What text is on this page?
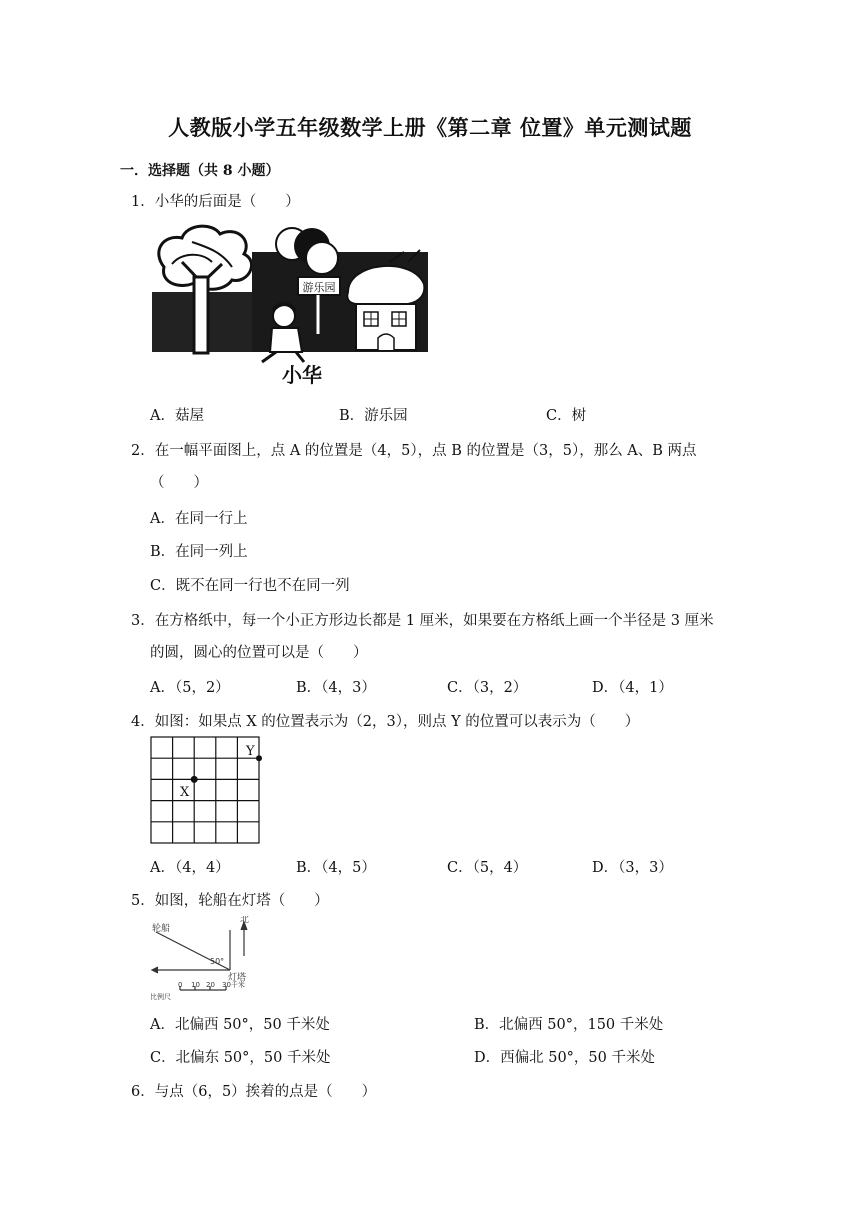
人教版小学五年级数学上册《第二章 位置》单元测试题
一．选择题（共 8 小题）
1．小华的后面是（　　）
游乐园
小华
A．菇屋	B．游乐园	C．树
2．在一幅平面图上，点 A 的位置是（4，5），点 B 的位置是（3，5），那么 A、B 两点
（　　）
A．在同一行上
B．在同一列上
C．既不在同一行也不在同一列
3．在方格纸中，每一个小正方形边长都是 1 厘米，如果要在方格纸上画一个半径是 3 厘米
的圆，圆心的位置可以是（　　）
A．（5，2）	B．（4，3）	C．（3，2）	D．（4，1）
4．如图：如果点 X 的位置表示为（2，3），则点 Y 的位置可以表示为（　　）
X
Y
A．（4，4）	B．（4，5）	C．（5，4）	D．（3，3）
5．如图，轮船在灯塔（　　）
轮船
北
50°
灯塔
比例尺
0 10 20 30千米
A．北偏西 50°，50 千米处	B．北偏西 50°，150 千米处
C．北偏东 50°，50 千米处	D．西偏北 50°，50 千米处
6．与点（6，5）挨着的点是（　　）
